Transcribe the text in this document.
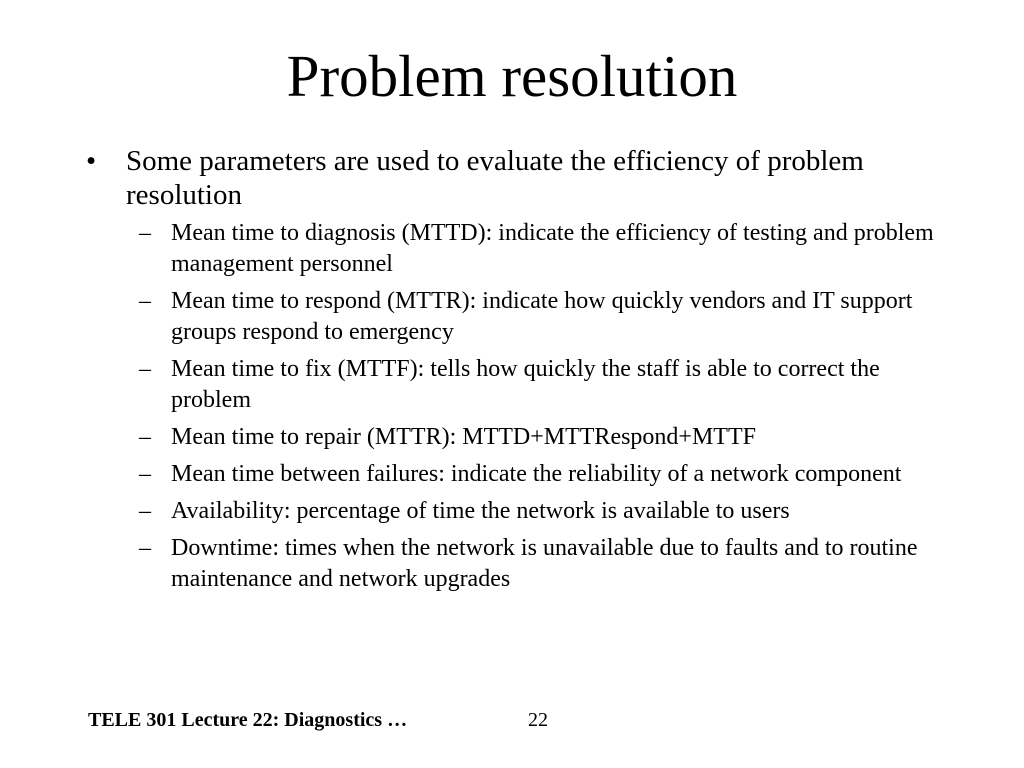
Problem resolution
• Some parameters are used to evaluate the efficiency of problem resolution
– Mean time to diagnosis (MTTD): indicate the efficiency of testing and problem management personnel
– Mean time to respond (MTTR): indicate how quickly vendors and IT support groups respond to emergency
– Mean time to fix (MTTF): tells how quickly the staff is able to correct the problem
– Mean time to repair (MTTR): MTTD+MTTRespond+MTTF
– Mean time between failures: indicate the reliability of a network component
– Availability: percentage of time the network is available to users
– Downtime: times when the network is unavailable due to faults and to routine maintenance and network upgrades
TELE 301 Lecture 22: Diagnostics …	22
